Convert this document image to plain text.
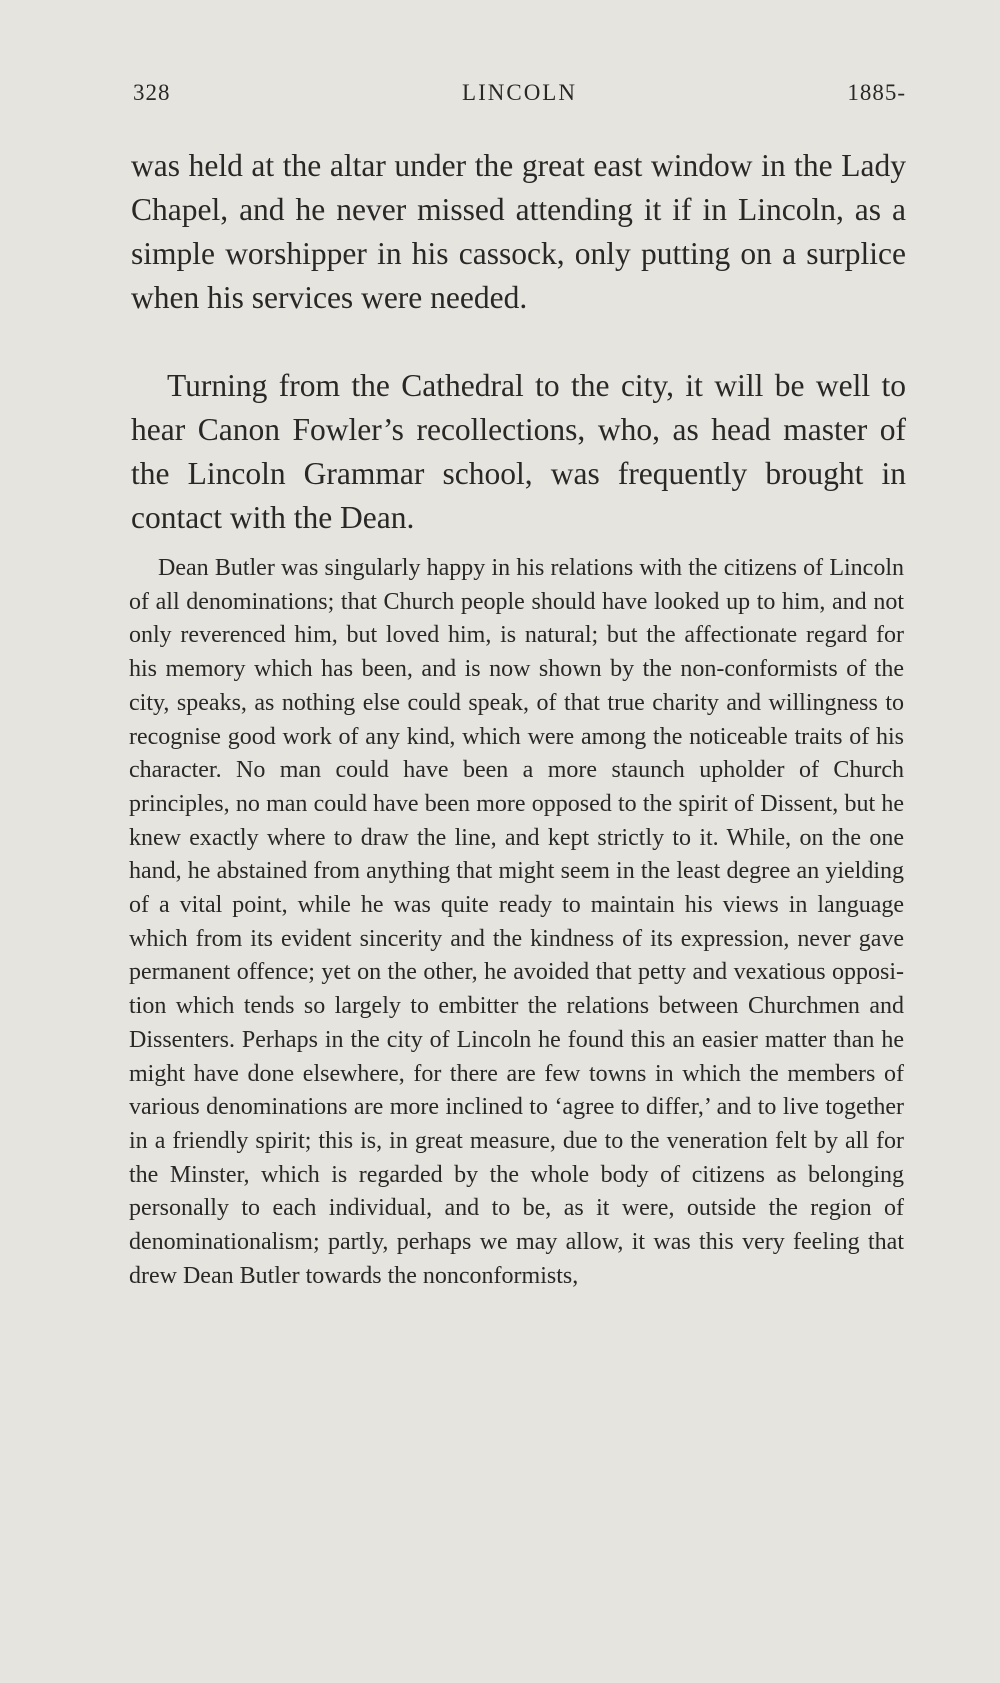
328	LINCOLN	1885-

was held at the altar under the great east window in the Lady Chapel, and he never missed attending it if in Lincoln, as a simple worshipper in his cassock, only putting on a surplice when his services were needed.

Turning from the Cathedral to the city, it will be well to hear Canon Fowler’s recollections, who, as head master of the Lincoln Grammar school, was frequently brought in contact with the Dean.

Dean Butler was singularly happy in his relations with the citizens of Lincoln of all denominations; that Church people should have looked up to him, and not only reverenced him, but loved him, is natural; but the affectionate regard for his memory which has been, and is now shown by the non-conformists of the city, speaks, as nothing else could speak, of that true charity and willingness to recognise good work of any kind, which were among the noticeable traits of his character. No man could have been a more staunch upholder of Church principles, no man could have been more opposed to the spirit of Dissent, but he knew exactly where to draw the line, and kept strictly to it. While, on the one hand, he abstained from anything that might seem in the least degree an yielding of a vital point, while he was quite ready to maintain his views in language which from its evident sincerity and the kindness of its expression, never gave permanent offence; yet on the other, he avoided that petty and vexatious opposi-tion which tends so largely to embitter the relations between Churchmen and Dissenters. Perhaps in the city of Lincoln he found this an easier matter than he might have done elsewhere, for there are few towns in which the members of various denominations are more inclined to ‘agree to differ,’ and to live together in a friendly spirit; this is, in great measure, due to the veneration felt by all for the Minster, which is regarded by the whole body of citizens as belonging personally to each individual, and to be, as it were, outside the region of denominationalism; partly, perhaps we may allow, it was this very feeling that drew Dean Butler towards the nonconformists,
